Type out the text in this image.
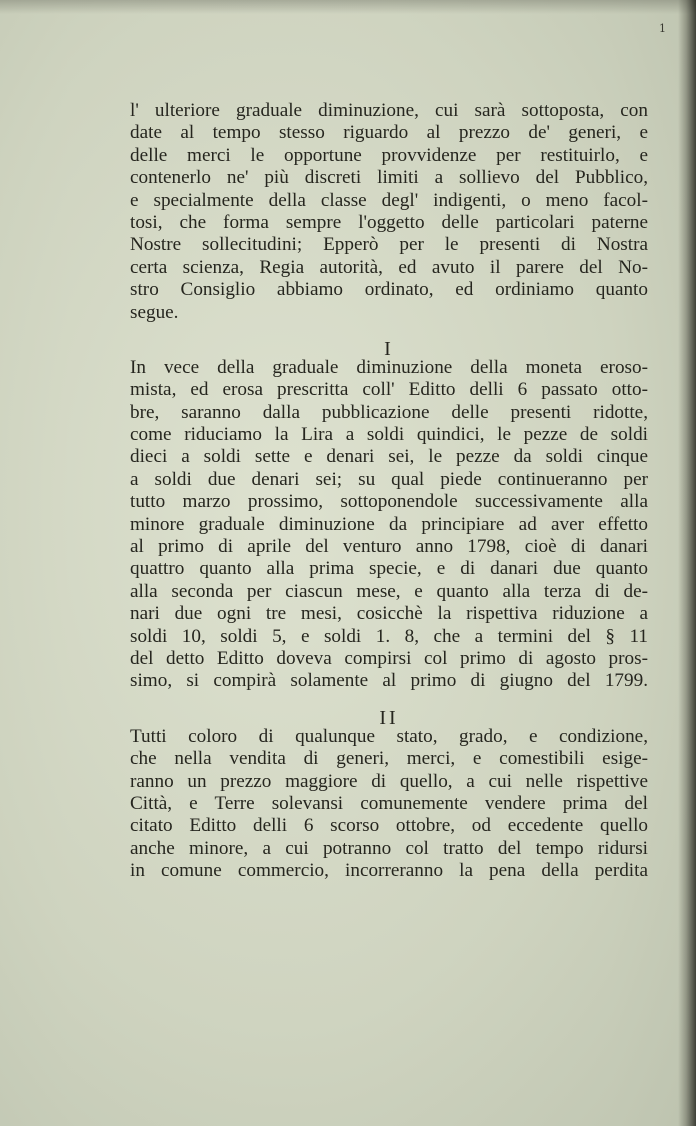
1
l' ulteriore graduale diminuzione, cui sarà sottoposta, con
date al tempo stesso riguardo al prezzo de' generi, e
delle merci le opportune provvidenze per restituirlo, e
contenerlo ne' più discreti limiti a sollievo del Pubblico,
e specialmente della classe degl' indigenti, o meno facol-
tosi, che forma sempre l'oggetto delle particolari paterne
Nostre sollecitudini; Epperò per le presenti di Nostra
certa scienza, Regia autorità, ed avuto il parere del No-
stro Consiglio abbiamo ordinato, ed ordiniamo quanto
segue.
I
In vece della graduale diminuzione della moneta eroso-
mista, ed erosa prescritta coll' Editto delli 6 passato otto-
bre, saranno dalla pubblicazione delle presenti ridotte,
come riduciamo la Lira a soldi quindici, le pezze de soldi
dieci a soldi sette e denari sei, le pezze da soldi cinque
a soldi due denari sei; su qual piede continueranno per
tutto marzo prossimo, sottoponendole successivamente alla
minore graduale diminuzione da principiare ad aver effetto
al primo di aprile del venturo anno 1798, cioè di danari
quattro quanto alla prima specie, e di danari due quanto
alla seconda per ciascun mese, e quanto alla terza di de-
nari due ogni tre mesi, cosicchè la rispettiva riduzione a
soldi 10, soldi 5, e soldi 1. 8, che a termini del § 11
del detto Editto doveva compirsi col primo di agosto pros-
simo, si compirà solamente al primo di giugno del 1799.
II
Tutti coloro di qualunque stato, grado, e condizione,
che nella vendita di generi, merci, e comestibili esige-
ranno un prezzo maggiore di quello, a cui nelle rispettive
Città, e Terre solevansi comunemente vendere prima del
citato Editto delli 6 scorso ottobre, od eccedente quello
anche minore, a cui potranno col tratto del tempo ridursi
in comune commercio, incorreranno la pena della perdita
